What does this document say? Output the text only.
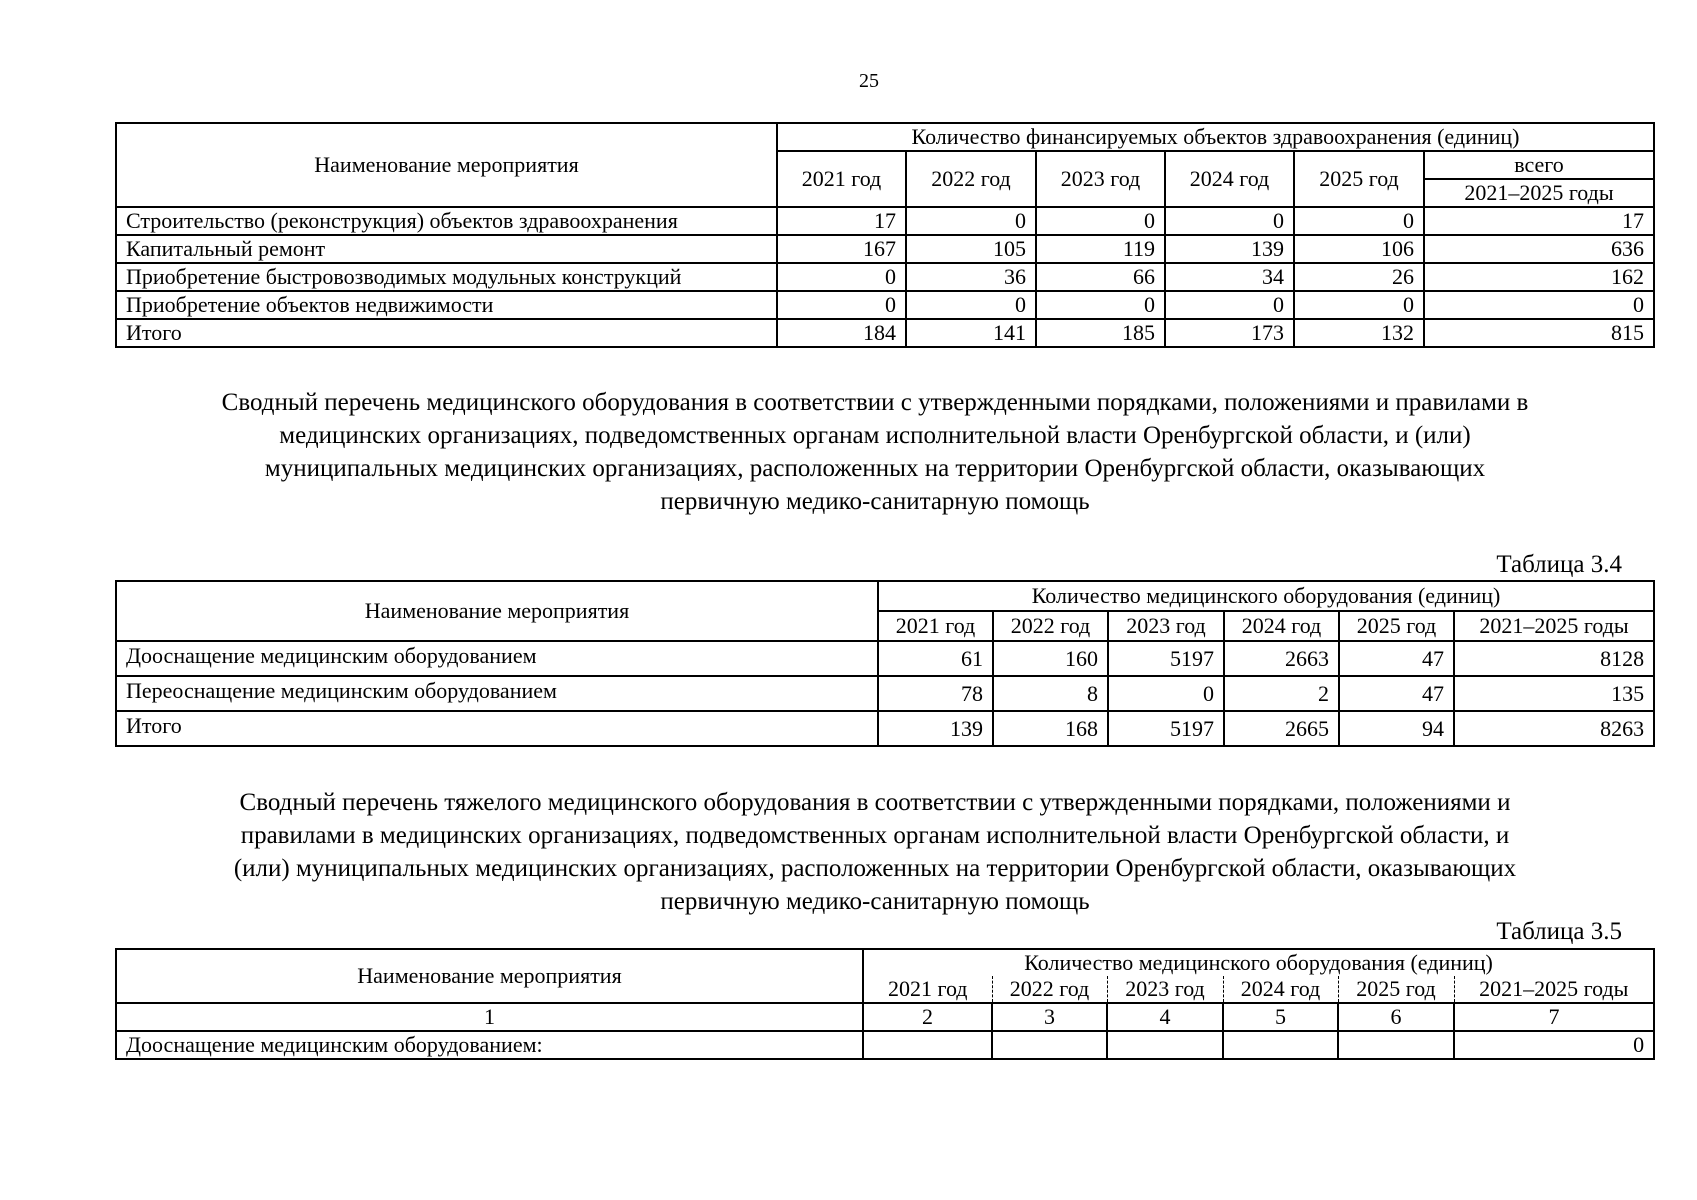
25
Наименование мероприятия	Количество финансируемых объектов здравоохранения (единиц)					
	2021 год	2022 год	2023 год	2024 год	2025 год	всего
						2021–2025 годы
Строительство (реконструкция) объектов здравоохранения	17	0	0	0	0	17
Капитальный ремонт	167	105	119	139	106	636
Приобретение быстровозводимых модульных конструкций	0	36	66	34	26	162
Приобретение объектов недвижимости	0	0	0	0	0	0
Итого	184	141	185	173	132	815
Сводный перечень медицинского оборудования в соответствии с утвержденными порядками, положениями и правилами в
медицинских организациях, подведомственных органам исполнительной власти Оренбургской области, и (или)
муниципальных медицинских организациях, расположенных на территории Оренбургской области, оказывающих
первичную медико-санитарную помощь
Таблица 3.4
Наименование мероприятия	Количество медицинского оборудования (единиц)					
	2021 год	2022 год	2023 год	2024 год	2025 год	2021–2025 годы
Дооснащение медицинским оборудованием	61	160	5197	2663	47	8128
Переоснащение медицинским оборудованием	78	8	0	2	47	135
Итого	139	168	5197	2665	94	8263
Сводный перечень тяжелого медицинского оборудования в соответствии с утвержденными порядками, положениями и
правилами в медицинских организациях, подведомственных органам исполнительной власти Оренбургской области, и
(или) муниципальных медицинских организациях, расположенных на территории Оренбургской области, оказывающих
первичную медико-санитарную помощь
Таблица 3.5
Наименование мероприятия	Количество медицинского оборудования (единиц)					
	2021 год	2022 год	2023 год	2024 год	2025 год	2021–2025 годы
1	2	3	4	5	6	7
Дооснащение медицинским оборудованием:						0
